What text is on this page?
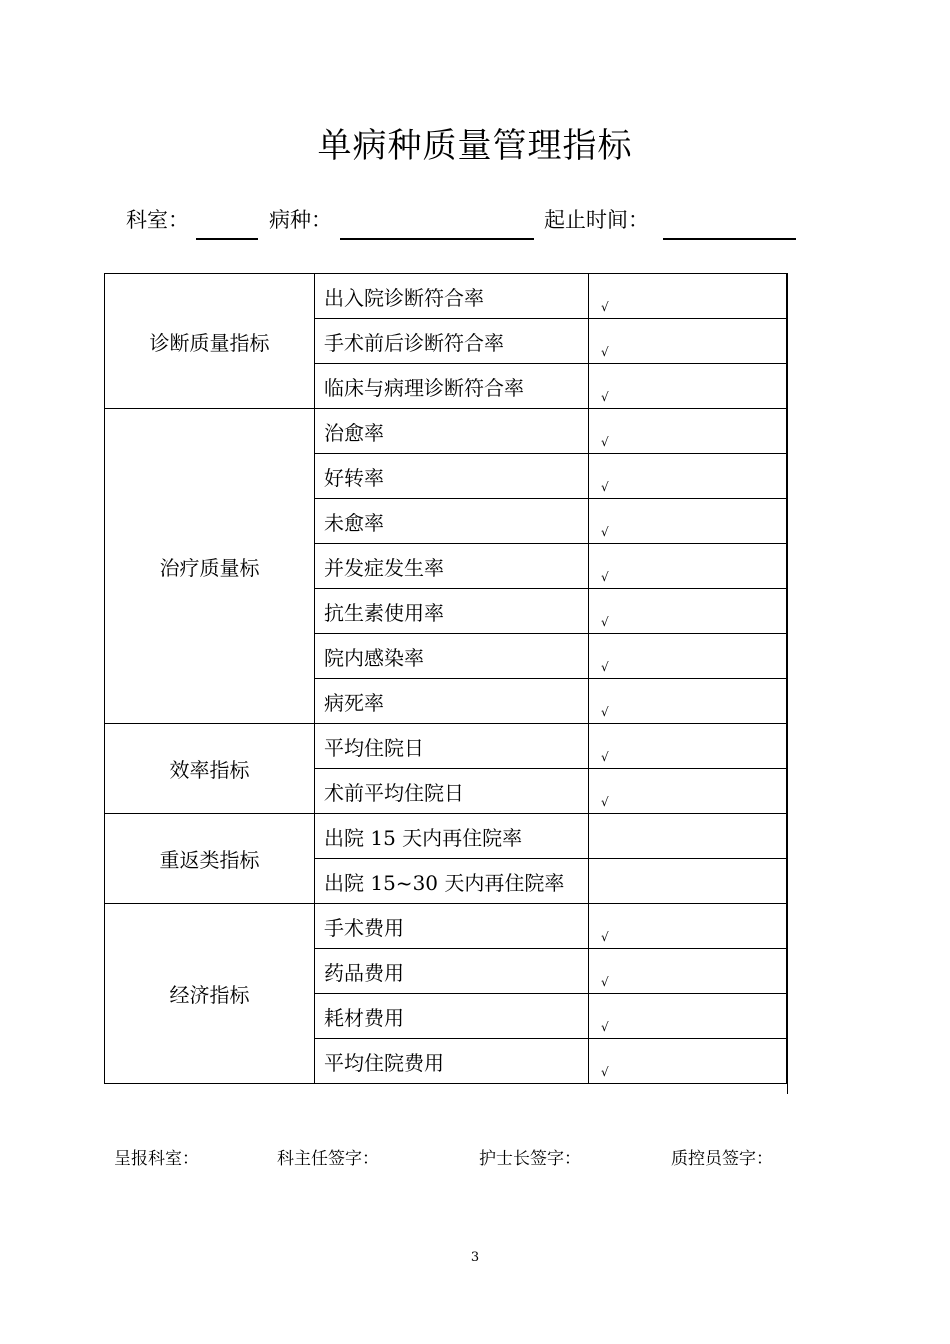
单病种质量管理指标
科室：	病种：	起止时间：
诊断质量指标	出入院诊断符合率	√

	手术前后诊断符合率	√

	临床与病理诊断符合率	√

治疗质量标	治愈率	√

	好转率	√

	未愈率	√

	并发症发生率	√

	抗生素使用率	√

	院内感染率	√

	病死率	√

效率指标	平均住院日	√

	术前平均住院日	√

重返类指标	出院 15 天内再住院率	
	出院 15~30 天内再住院率	
经济指标	手术费用	√

	药品费用	√

	耗材费用	√

	平均住院费用	√
呈报科室：	科主任签字：	护士长签字：	质控员签字：
3
